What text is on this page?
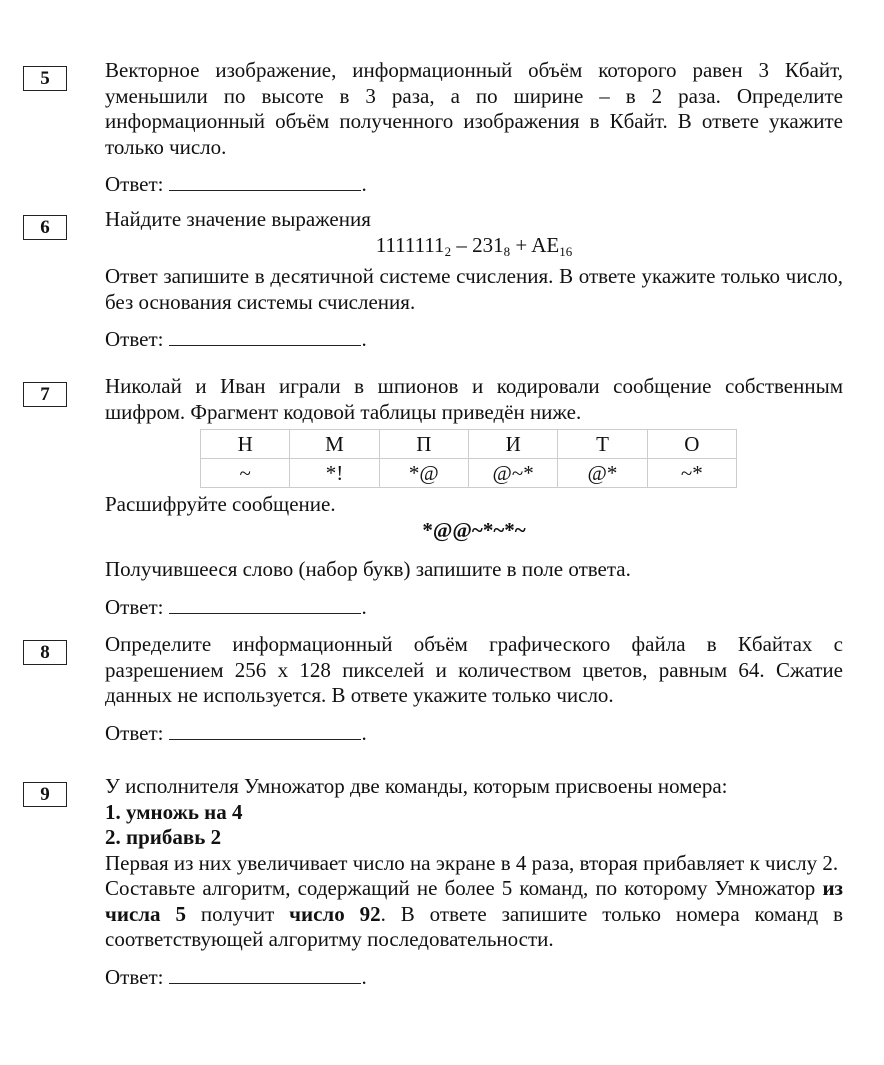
5	Векторное изображение, информационный объём которого равен 3 Кбайт, уменьшили по высоте в 3 раза, а по ширине – в 2 раза. Определите информационный объём полученного изображения в Кбайт. В ответе укажите только число.

Ответ:	.

6	Найдите значение выражения

$1111111_2 - 231_8 + AE_{16}$

Ответ запишите в десятичной системе счисления. В ответе укажите только число, без основания системы счисления.

Ответ:	.

7	Николай и Иван играли в шпионов и кодировали сообщение собственным шифром. Фрагмент кодовой таблицы приведён ниже.

Н	М	П	И	Т	О
~	*!	*@	@~*	@*	~*

Расшифруйте сообщение.

*@@~*~*~

Получившееся слово (набор букв) запишите в поле ответа.

Ответ:	.

8	Определите информационный объём графического файла в Кбайтах с разрешением 256 x 128 пикселей и количеством цветов, равным 64. Сжатие данных не используется. В ответе укажите только число.

Ответ:	.

9	У исполнителя Умножатор две команды, которым присвоены номера:

1. умножь на 4

2. прибавь 2

Первая из них увеличивает число на экране в 4 раза, вторая прибавляет к числу 2.

Составьте алгоритм, содержащий не более 5 команд, по которому Умножатор из числа 5 получит число 92. В ответе запишите только номера команд в соответствующей алгоритму последовательности.

Ответ:	.
